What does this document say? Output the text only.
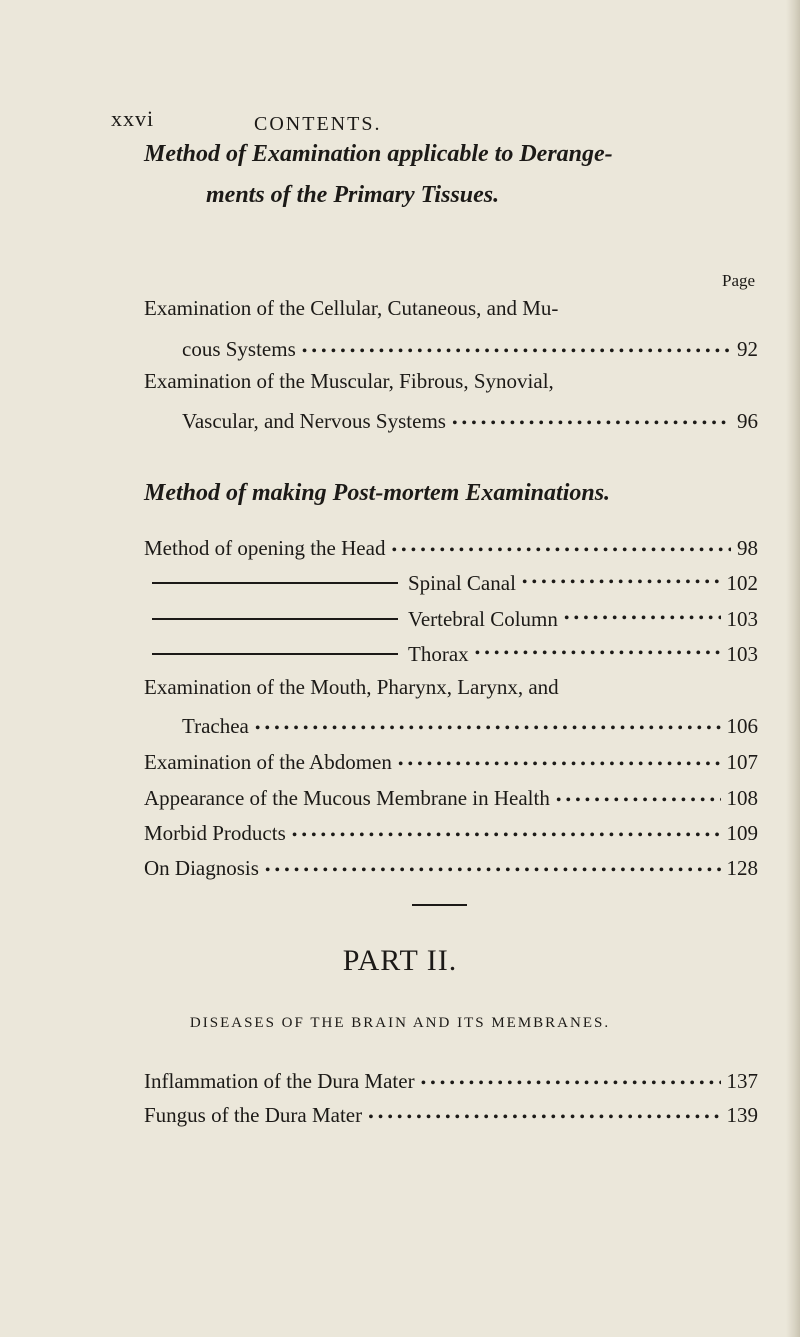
xxvi	CONTENTS.
Method of Examination applicable to Derange-
ments of the Primary Tissues.
Page
Examination of the Cellular, Cutaneous, and Mu-
cous Systems •••••	92
Examination of the Muscular, Fibrous, Synovial,
Vascular, and Nervous Systems •••••	96
Method of making Post-mortem Examinations.
Method of opening the Head •••••	98
Spinal Canal •••••	102
Vertebral Column •••••	103
Thorax •••••	103
Examination of the Mouth, Pharynx, Larynx, and
Trachea •••••	106
Examination of the Abdomen •••••	107
Appearance of the Mucous Membrane in Health •••••	108
Morbid Products •••••	109
On Diagnosis •••••	128
PART II.
DISEASES OF THE BRAIN AND ITS MEMBRANES.
Inflammation of the Dura Mater •••••	137
Fungus of the Dura Mater •••••	139
